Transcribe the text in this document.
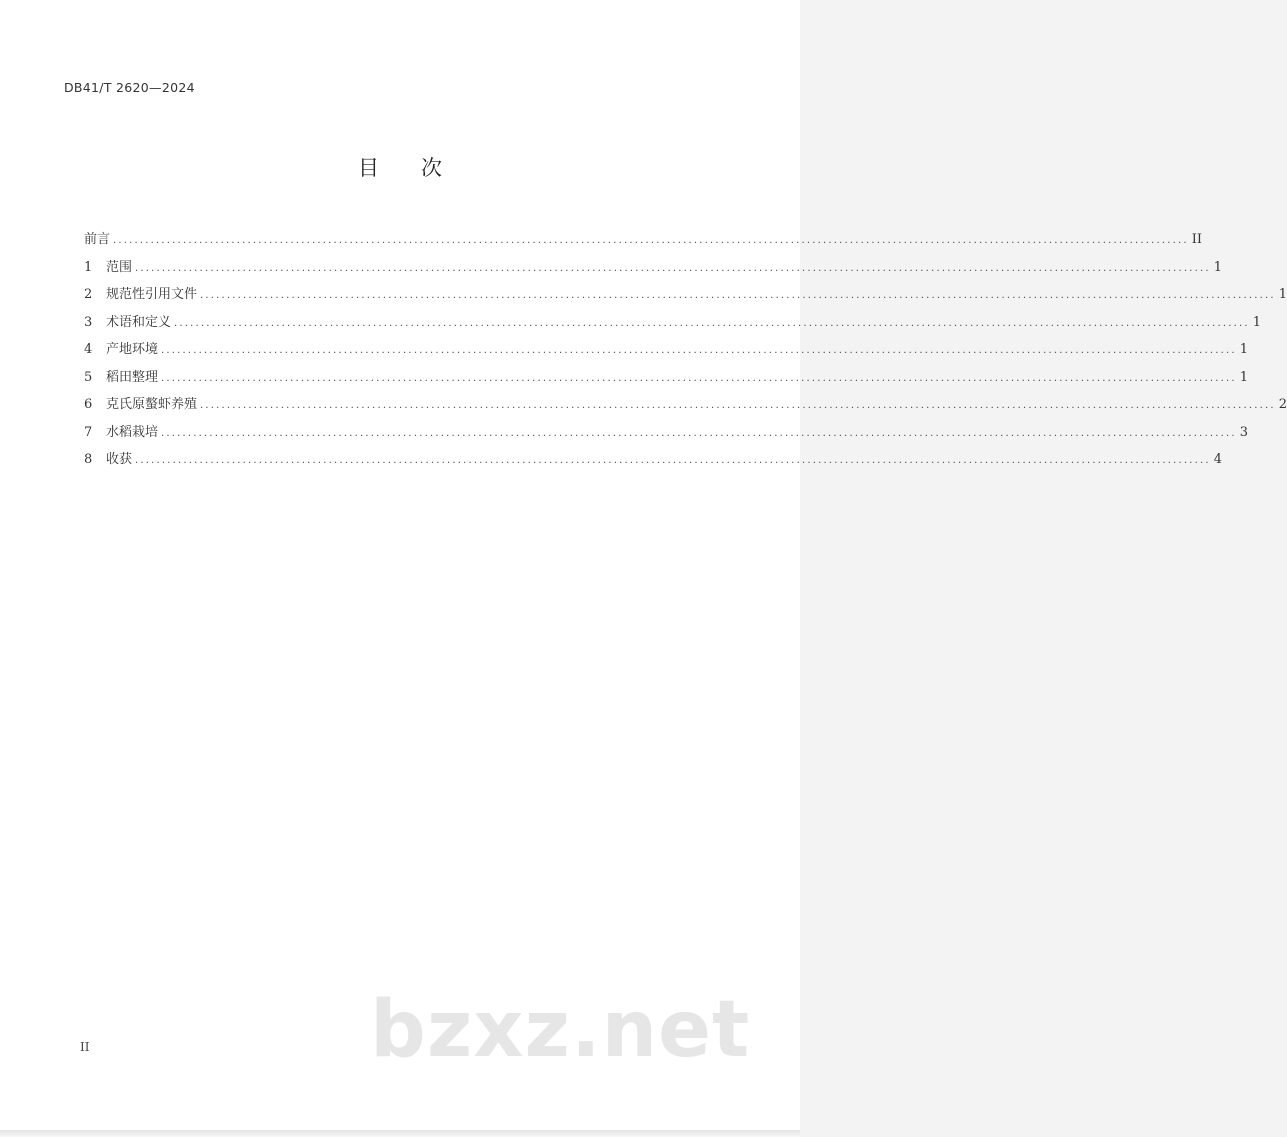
DB41/T 2620—2024
目次
前言 ........................................................................................................................................................................................................ II
1	范围 ........................................................................................................................................................................................................ 1
2	规范性引用文件 ........................................................................................................................................................................................................ 1
3	术语和定义 ........................................................................................................................................................................................................ 1
4	产地环境 ........................................................................................................................................................................................................ 1
5	稻田整理 ........................................................................................................................................................................................................ 1
6	克氏原螯虾养殖 ........................................................................................................................................................................................................ 2
7	水稻栽培 ........................................................................................................................................................................................................ 3
8	收获 ........................................................................................................................................................................................................ 4
II	bzxz.net
